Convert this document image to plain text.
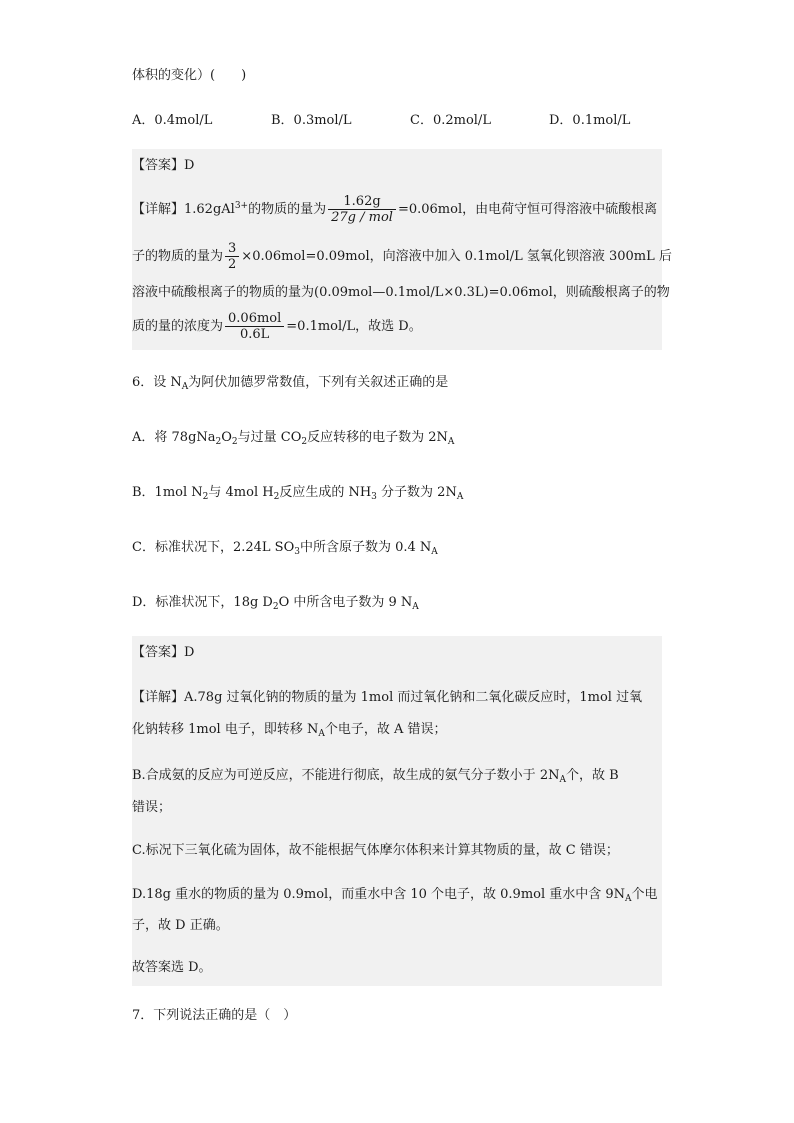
体积的变化）(　　)
A．0.4mol/L	B．0.3mol/L	C．0.2mol/L	D．0.1mol/L
【答案】D
【详解】1.62gAl$^{3+}$的物质的量为 $\frac{1.62g}{\text{27g / mol}} =0.06mol$，由电荷守恒可得溶液中硫酸根离
子的物质的量为 $\frac{3}{2} \times 0.06mol=0.09mol$，向溶液中加入 0.1mol/L 氢氧化钡溶液 300mL 后
溶液中硫酸根离子的物质的量为(0.09mol—0.1mol/L×0.3L)=0.06mol，则硫酸根离子的物
质的量的浓度为 $\frac{\text{0.06mol}}{0.6L} =0.1mol/L$，故选 D。
6．设 $N_A$为阿伏加德罗常数值，下列有关叙述正确的是
A．将 $78gNa_2O_2$与过量 $CO_2$反应转移的电子数为 $2N_A$
B．1mol $N_2$与 4mol $H_2$反应生成的 $NH_3$ 分子数为 $2N_A$
C．标准状况下，2.24L $SO_3$中所含原子数为 0.4 $N_A$
D．标准状况下，18g $D_2O$ 中所含电子数为 9 $N_A$
【答案】D
【详解】A.78g 过氧化钠的物质的量为 1mol 而过氧化钠和二氧化碳反应时，1mol 过氧
化钠转移 1mol 电子，即转移 $N_A$个电子，故 A 错误；
B.合成氨的反应为可逆反应，不能进行彻底，故生成的氨气分子数小于 $2N_A$个，故 B
错误；
C.标况下三氧化硫为固体，故不能根据气体摩尔体积来计算其物质的量，故 C 错误；
D.18g 重水的物质的量为 0.9mol，而重水中含 10 个电子，故 0.9mol 重水中含 $9N_A$个电
子，故 D 正确。
故答案选 D。
7．下列说法正确的是（　）
